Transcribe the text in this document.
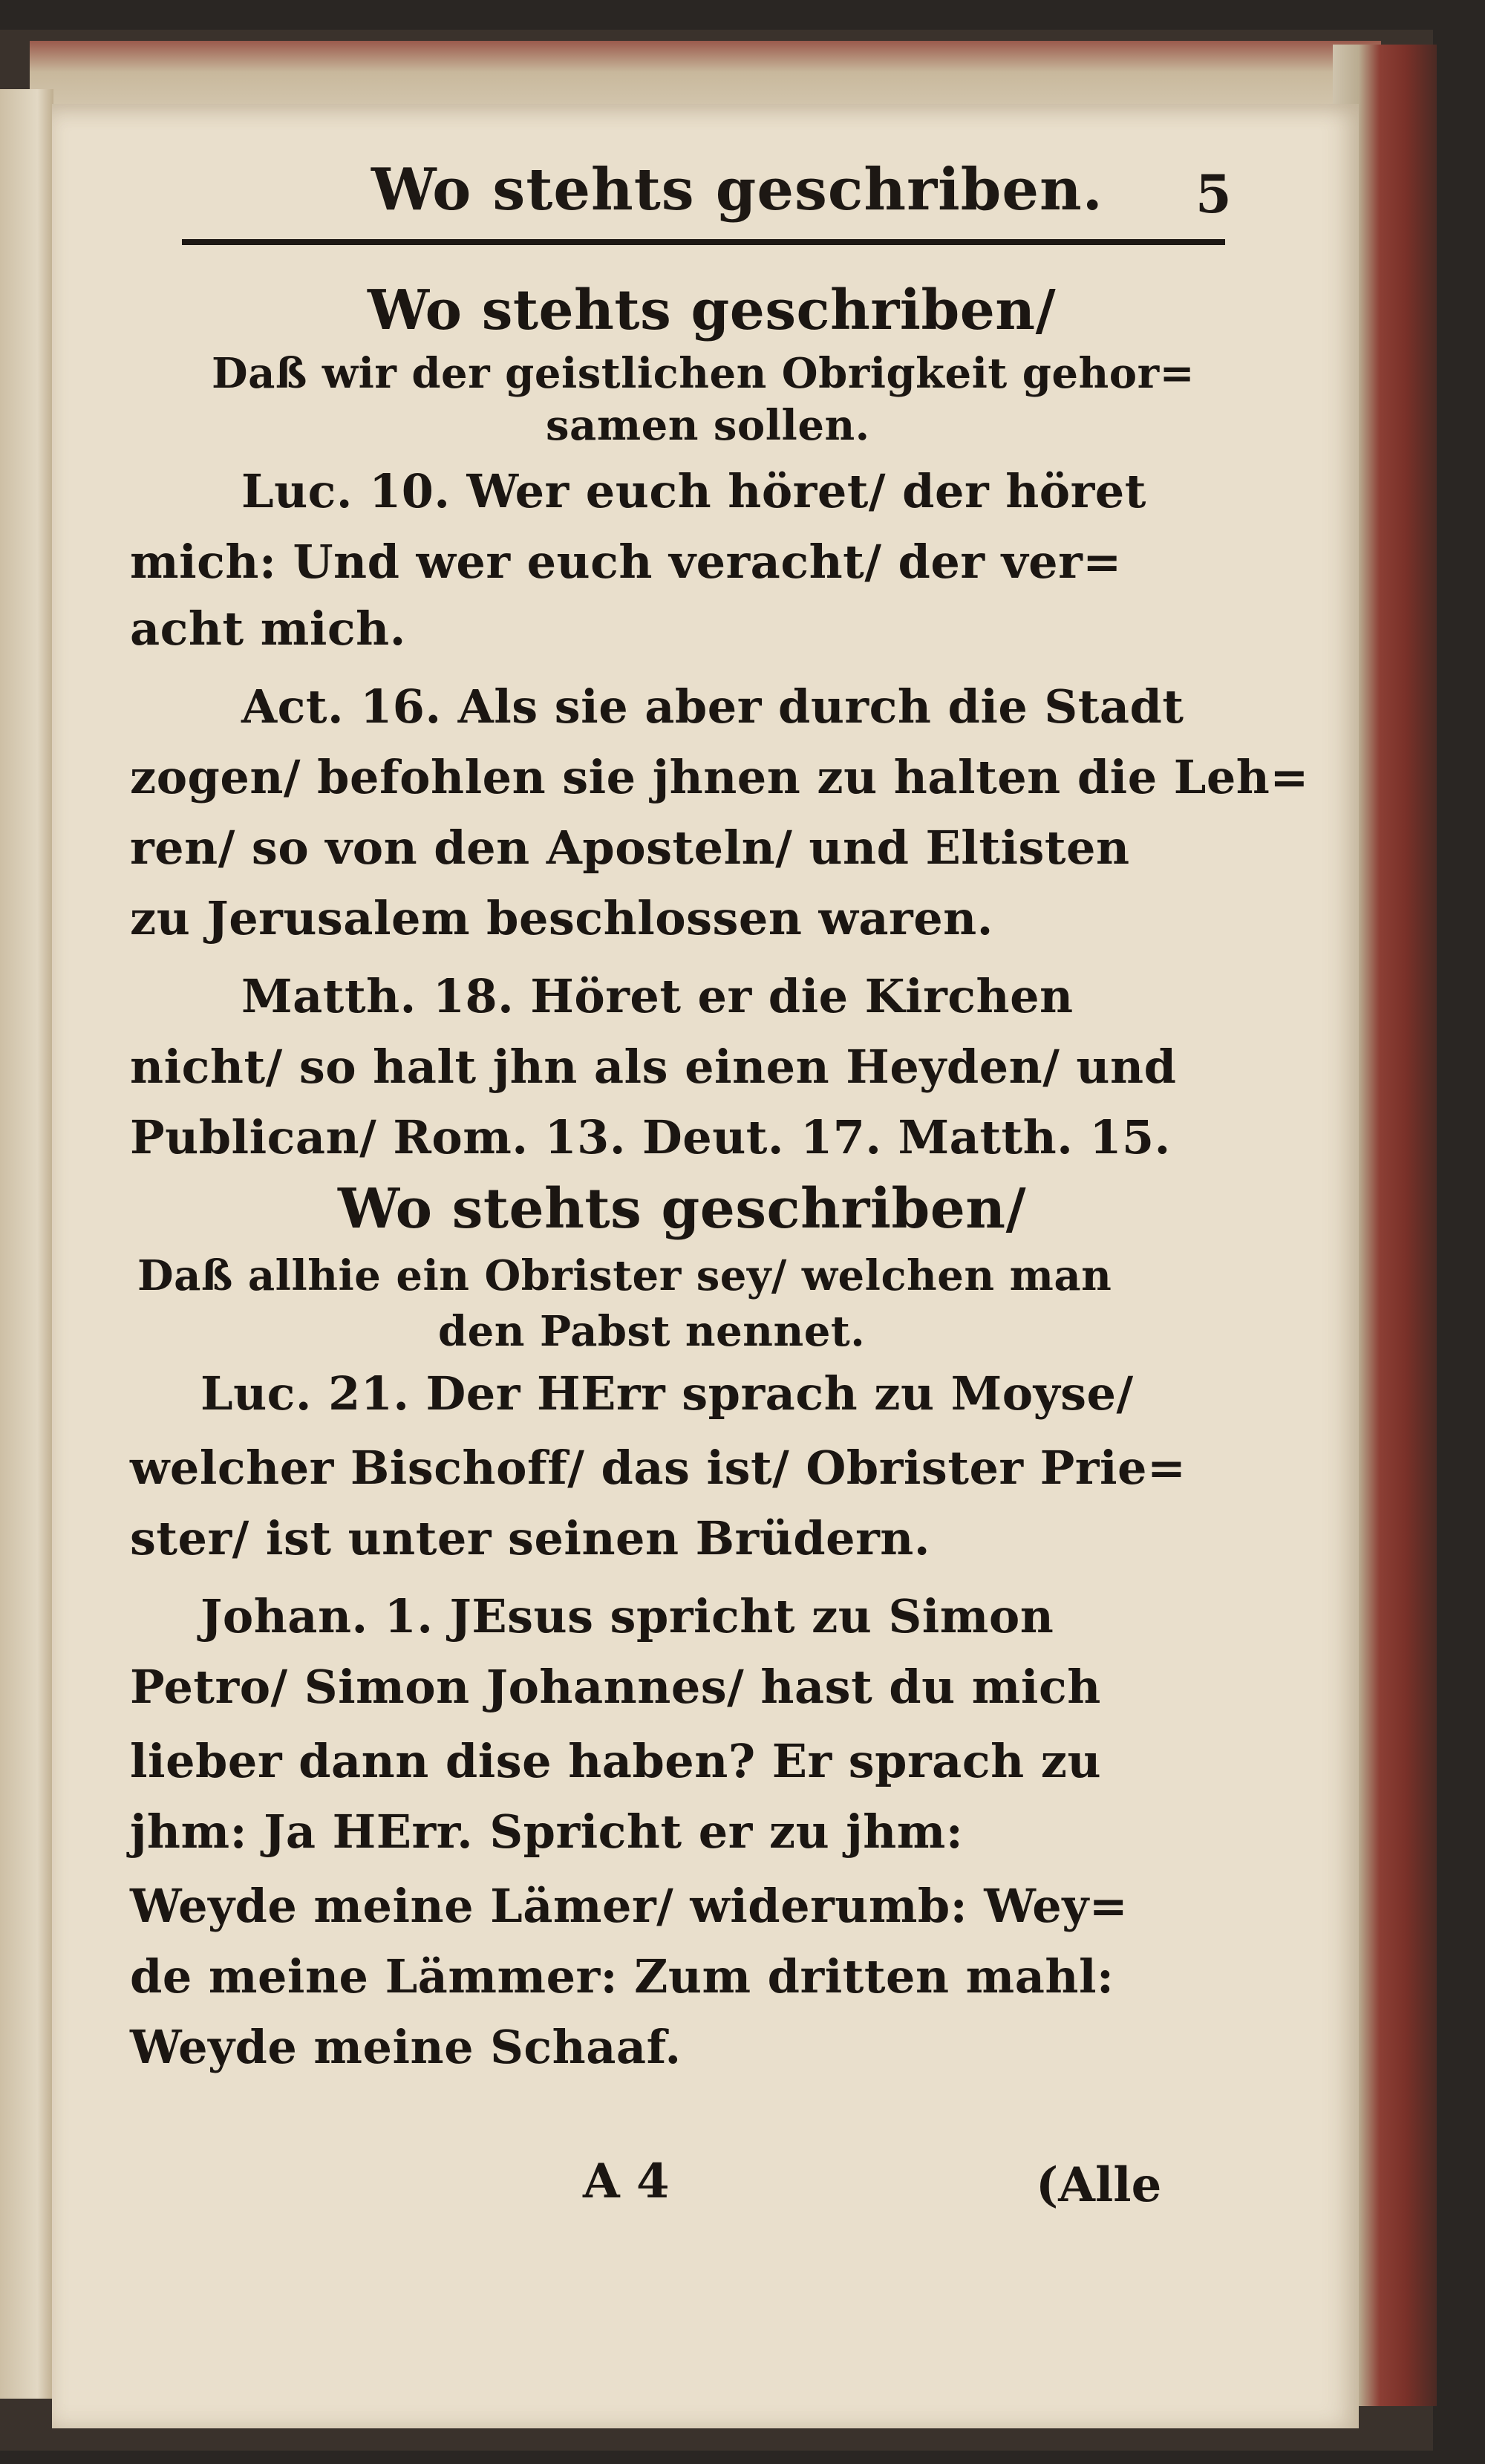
Wo stehts geschriben. 5
Wo stehts geschriben/
Daß wir der geistlichen Obrigkeit gehor=
samen sollen.
Luc. 10. Wer euch höret/ der höret
mich: Und wer euch veracht/ der ver=
acht mich.
Act. 16. Als sie aber durch die Stadt
zogen/ befohlen sie jhnen zu halten die Leh=
ren/ so von den Aposteln/ und Eltisten
zu Jerusalem beschlossen waren.
Matth. 18. Höret er die Kirchen
nicht/ so halt jhn als einen Heyden/ und
Publican/ Rom. 13. Deut. 17. Matth. 15.
Wo stehts geschriben/
Daß allhie ein Obrister sey/ welchen man
den Pabst nennet.
Luc. 21. Der HErr sprach zu Moyse/
welcher Bischoff/ das ist/ Obrister Prie=
ster/ ist unter seinen Brüdern.
Johan. 1. JEsus spricht zu Simon
Petro/ Simon Johannes/ hast du mich
lieber dann dise haben? Er sprach zu
jhm: Ja HErr. Spricht er zu jhm:
Weyde meine Lämer/ widerumb: Wey=
de meine Lämmer: Zum dritten mahl:
Weyde meine Schaaf.
A 4	(Alle
